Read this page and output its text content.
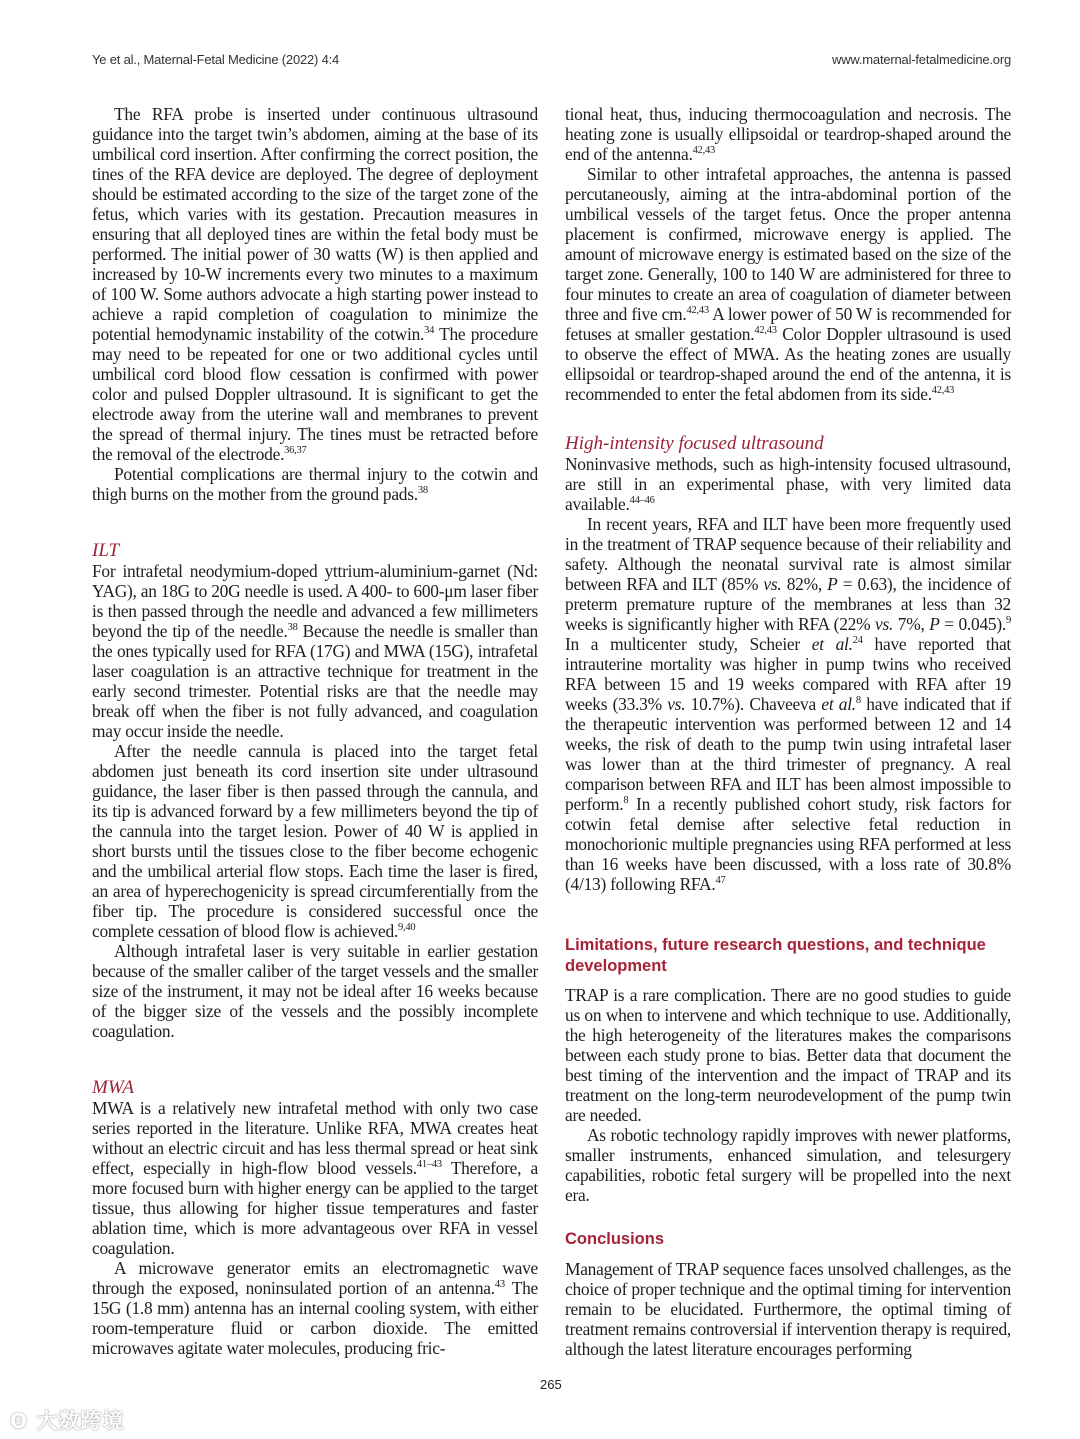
Ye et al., Maternal-Fetal Medicine (2022) 4:4	www.maternal-fetalmedicine.org

The RFA probe is inserted under continuous ultrasound guidance into the target twin’s abdomen, aiming at the base of its umbilical cord insertion. After confirming the correct position, the tines of the RFA device are deployed. The degree of deployment should be estimated according to the size of the target zone of the fetus, which varies with its gestation. Precaution measures in ensuring that all deployed tines are within the fetal body must be performed. The initial power of 30 watts (W) is then applied and increased by 10-W increments every two minutes to a maximum of 100 W. Some authors advocate a high starting power instead to achieve a rapid completion of coagulation to minimize the potential hemodynamic instability of the cotwin.$^{34}$ The procedure may need to be repeated for one or two additional cycles until umbilical cord blood flow cessation is confirmed with power color and pulsed Doppler ultrasound. It is significant to get the electrode away from the uterine wall and membranes to prevent the spread of thermal injury. The tines must be retracted before the removal of the electrode.$^{36,37}$

Potential complications are thermal injury to the cotwin and thigh burns on the mother from the ground pads.$^{38}$

ILT

For intrafetal neodymium-doped yttrium-aluminium-garnet (Nd: YAG), an 18G to 20G needle is used. A 400- to 600-μm laser fiber is then passed through the needle and advanced a few millimeters beyond the tip of the needle.$^{38}$ Because the needle is smaller than the ones typically used for RFA (17G) and MWA (15G), intrafetal laser coagulation is an attractive technique for treatment in the early second trimester. Potential risks are that the needle may break off when the fiber is not fully advanced, and coagulation may occur inside the needle.

After the needle cannula is placed into the target fetal abdomen just beneath its cord insertion site under ultrasound guidance, the laser fiber is then passed through the cannula, and its tip is advanced forward by a few millimeters beyond the tip of the cannula into the target lesion. Power of 40 W is applied in short bursts until the tissues close to the fiber become echogenic and the umbilical arterial flow stops. Each time the laser is fired, an area of hyperechogenicity is spread circumferentially from the fiber tip. The procedure is considered successful once the complete cessation of blood flow is achieved.$^{9,40}$

Although intrafetal laser is very suitable in earlier gestation because of the smaller caliber of the target vessels and the smaller size of the instrument, it may not be ideal after 16 weeks because of the bigger size of the vessels and the possibly incomplete coagulation.

MWA

MWA is a relatively new intrafetal method with only two case series reported in the literature. Unlike RFA, MWA creates heat without an electric circuit and has less thermal spread or heat sink effect, especially in high-flow blood vessels.$^{41-43}$ Therefore, a more focused burn with higher energy can be applied to the target tissue, thus allowing for higher tissue temperatures and faster ablation time, which is more advantageous over RFA in vessel coagulation.

A microwave generator emits an electromagnetic wave through the exposed, noninsulated portion of an antenna.$^{43}$ The 15G (1.8 mm) antenna has an internal cooling system, with either room-temperature fluid or carbon dioxide. The emitted microwaves agitate water molecules, producing fric-

tional heat, thus, inducing thermocoagulation and necrosis. The heating zone is usually ellipsoidal or teardrop-shaped around the end of the antenna.$^{42,43}$

Similar to other intrafetal approaches, the antenna is passed percutaneously, aiming at the intra-abdominal portion of the umbilical vessels of the target fetus. Once the proper antenna placement is confirmed, microwave energy is applied. The amount of microwave energy is estimated based on the size of the target zone. Generally, 100 to 140 W are administered for three to four minutes to create an area of coagulation of diameter between three and five cm.$^{42,43}$ A lower power of 50 W is recommended for fetuses at smaller gestation.$^{42,43}$ Color Doppler ultrasound is used to observe the effect of MWA. As the heating zones are usually ellipsoidal or teardrop-shaped around the end of the antenna, it is recommended to enter the fetal abdomen from its side.$^{42,43}$

High-intensity focused ultrasound

Noninvasive methods, such as high-intensity focused ultrasound, are still in an experimental phase, with very limited data available.$^{44-46}$

In recent years, RFA and ILT have been more frequently used in the treatment of TRAP sequence because of their reliability and safety. Although the neonatal survival rate is almost similar between RFA and ILT (85% vs. 82%, P = 0.63), the incidence of preterm premature rupture of the membranes at less than 32 weeks is significantly higher with RFA (22% vs. 7%, P = 0.045).$^9$ In a multicenter study, Scheier et al.$^{24}$ have reported that intrauterine mortality was higher in pump twins who received RFA between 15 and 19 weeks compared with RFA after 19 weeks (33.3% vs. 10.7%). Chaveeva et al.$^8$ have indicated that if the therapeutic intervention was performed between 12 and 14 weeks, the risk of death to the pump twin using intrafetal laser was lower than at the third trimester of pregnancy. A real comparison between RFA and ILT has been almost impossible to perform.$^8$ In a recently published cohort study, risk factors for cotwin fetal demise after selective fetal reduction in monochorionic multiple pregnancies using RFA performed at less than 16 weeks have been discussed, with a loss rate of 30.8% (4/13) following RFA.$^{47}$

Limitations, future research questions, and technique development

TRAP is a rare complication. There are no good studies to guide us on when to intervene and which technique to use. Additionally, the high heterogeneity of the literatures makes the comparisons between each study prone to bias. Better data that document the best timing of the intervention and the impact of TRAP and its treatment on the long-term neurodevelopment of the pump twin are needed.

As robotic technology rapidly improves with newer platforms, smaller instruments, enhanced simulation, and telesurgery capabilities, robotic fetal surgery will be propelled into the next era.

Conclusions

Management of TRAP sequence faces unsolved challenges, as the choice of proper technique and the optimal timing for intervention remain to be elucidated. Furthermore, the optimal timing of treatment remains controversial if intervention therapy is required, although the latest literature encourages performing

265
ʘ 大数跨境
